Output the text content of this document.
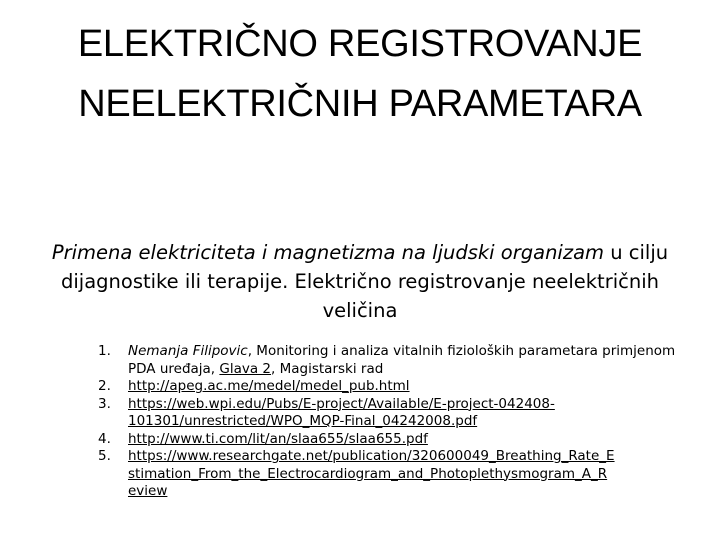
ELEKTRIČNO REGISTROVANJE
NEELEKTRIČNIH PARAMETARA

Primena elektriciteta i magnetizma na ljudski organizam u cilju dijagnostike ili terapije. Električno registrovanje neelektričnih veličina

1.	Nemanja Filipovic, Monitoring i analiza vitalnih fizioloških parametara primjenom PDA uređaja, Glava 2, Magistarski rad
2.	http://apeg.ac.me/medel/medel_pub.html
3.	https://web.wpi.edu/Pubs/E-project/Available/E-project-042408-
101301/unrestricted/WPO_MQP-Final_04242008.pdf
4.	http://www.ti.com/lit/an/slaa655/slaa655.pdf
5.	https://www.researchgate.net/publication/320600049_Breathing_Rate_E
stimation_From_the_Electrocardiogram_and_Photoplethysmogram_A_R
eview
